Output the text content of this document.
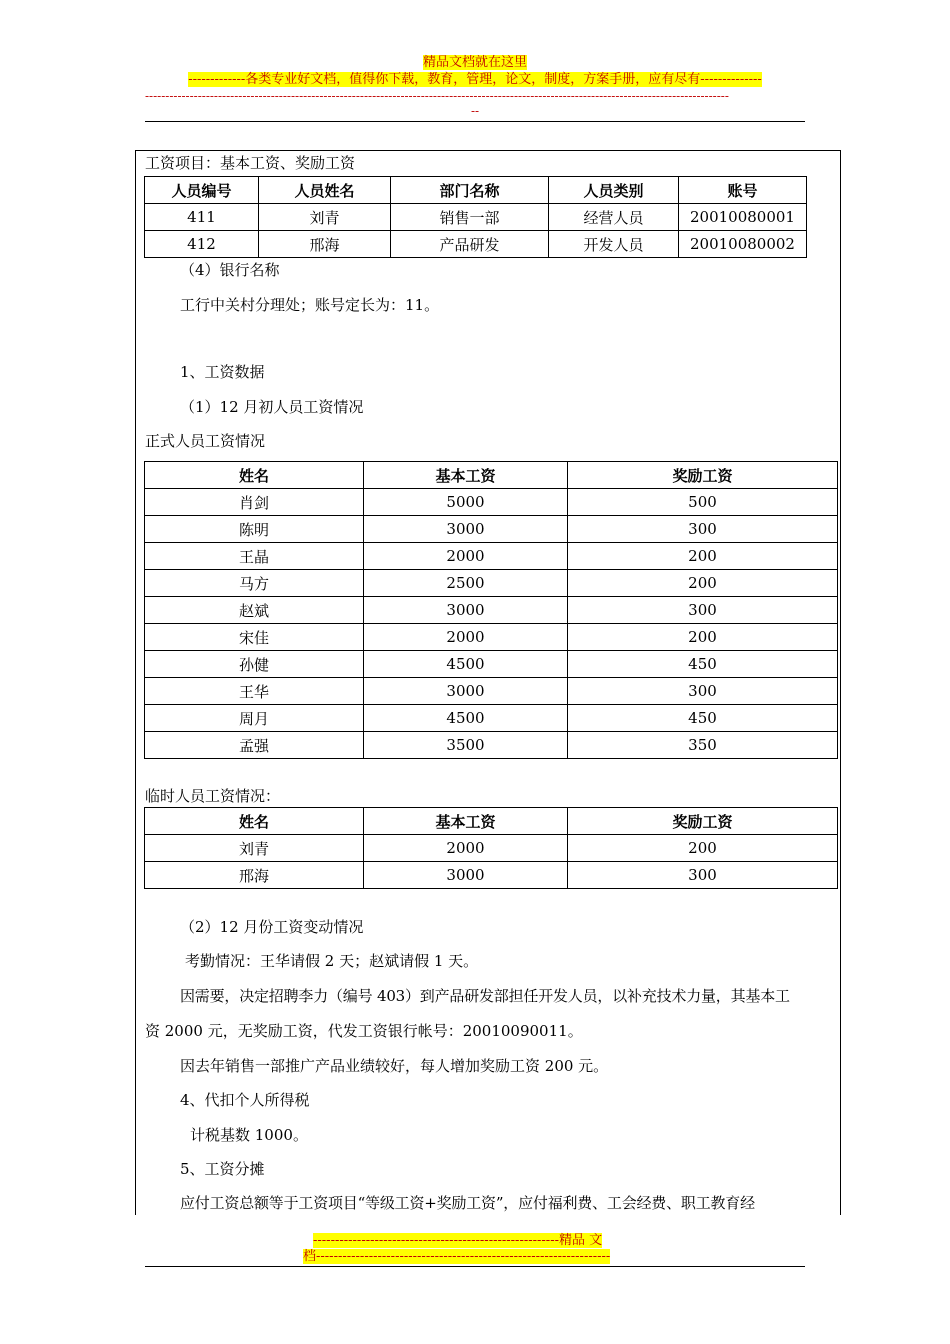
精品文档就在这里
-------------各类专业好文档，值得你下载，教育，管理，论文，制度，方案手册，应有尽有--------------
------------------------------------------------------------------------------------------------------------------------------------------------
--
工资项目：基本工资、奖励工资
人员编号	人员姓名	部门名称	人员类别	账号
411	刘青	销售一部	经营人员	20010080001
412	邢海	产品研发	开发人员	20010080002
（4）银行名称
工行中关村分理处；账号定长为：11。
1、工资数据
（1）12 月初人员工资情况
正式人员工资情况
姓名	基本工资	奖励工资
肖剑	5000	500
陈明	3000	300
王晶	2000	200
马方	2500	200
赵斌	3000	300
宋佳	2000	200
孙健	4500	450
王华	3000	300
周月	4500	450
孟强	3500	350
临时人员工资情况：
姓名	基本工资	奖励工资
刘青	2000	200
邢海	3000	300
（2）12 月份工资变动情况
考勤情况：王华请假 2 天；赵斌请假 1 天。
因需要，决定招聘李力（编号 403）到产品研发部担任开发人员，以补充技术力量，其基本工
资 2000 元，无奖励工资，代发工资银行帐号：20010090011。
因去年销售一部推广产品业绩较好，每人增加奖励工资 200 元。
4、代扣个人所得税
计税基数 1000。
5、工资分摊
应付工资总额等于工资项目“等级工资+奖励工资”，应付福利费、工会经费、职工教育经
--------------------------------------------------------精品 文
档-------------------------------------------------------------------
